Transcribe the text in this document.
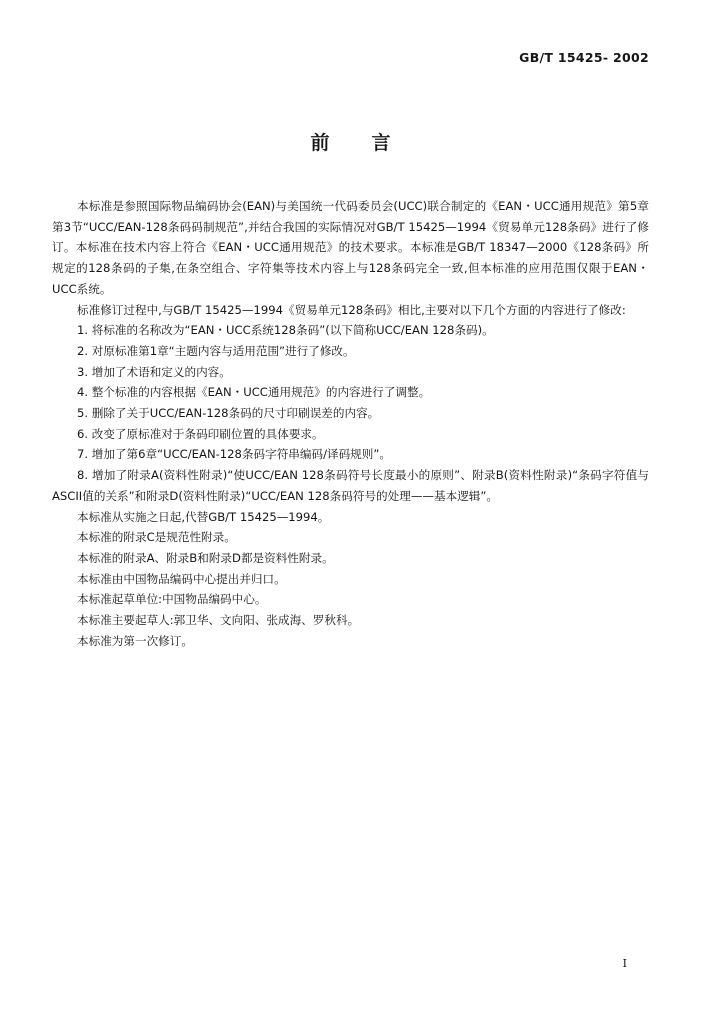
GB/T 15425- 2002
前言

本标准是参照国际物品编码协会(EAN)与美国统一代码委员会(UCC)联合制定的《EAN・UCC通用规范》第5章第3节“UCC/EAN-128条码码制规范”,并结合我国的实际情况对GB/T 15425—1994《贸易单元128条码》进行了修订。本标准在技术内容上符合《EAN・UCC通用规范》的技术要求。本标准是GB/T 18347—2000《128条码》所规定的128条码的子集,在条空组合、字符集等技术内容上与128条码完全一致,但本标准的应用范围仅限于EAN・UCC系统。

标准修订过程中,与GB/T 15425—1994《贸易单元128条码》相比,主要对以下几个方面的内容进行了修改:

1. 将标准的名称改为“EAN・UCC系统128条码”(以下简称UCC/EAN 128条码)。

2. 对原标准第1章“主题内容与适用范围”进行了修改。

3. 增加了术语和定义的内容。

4. 整个标准的内容根据《EAN・UCC通用规范》的内容进行了调整。

5. 删除了关于UCC/EAN-128条码的尺寸印刷误差的内容。

6. 改变了原标准对于条码印刷位置的具体要求。

7. 增加了第6章“UCC/EAN-128条码字符串编码/译码规则”。

8. 增加了附录A(资料性附录)“使UCC/EAN 128条码符号长度最小的原则”、附录B(资料性附录)“条码字符值与ASCII值的关系”和附录D(资料性附录)“UCC/EAN 128条码符号的处理——基本逻辑”。

本标准从实施之日起,代替GB/T 15425—1994。

本标准的附录C是规范性附录。

本标准的附录A、附录B和附录D都是资料性附录。

本标准由中国物品编码中心提出并归口。

本标准起草单位:中国物品编码中心。

本标准主要起草人:郭卫华、文向阳、张成海、罗秋科。

本标准为第一次修订。

I
